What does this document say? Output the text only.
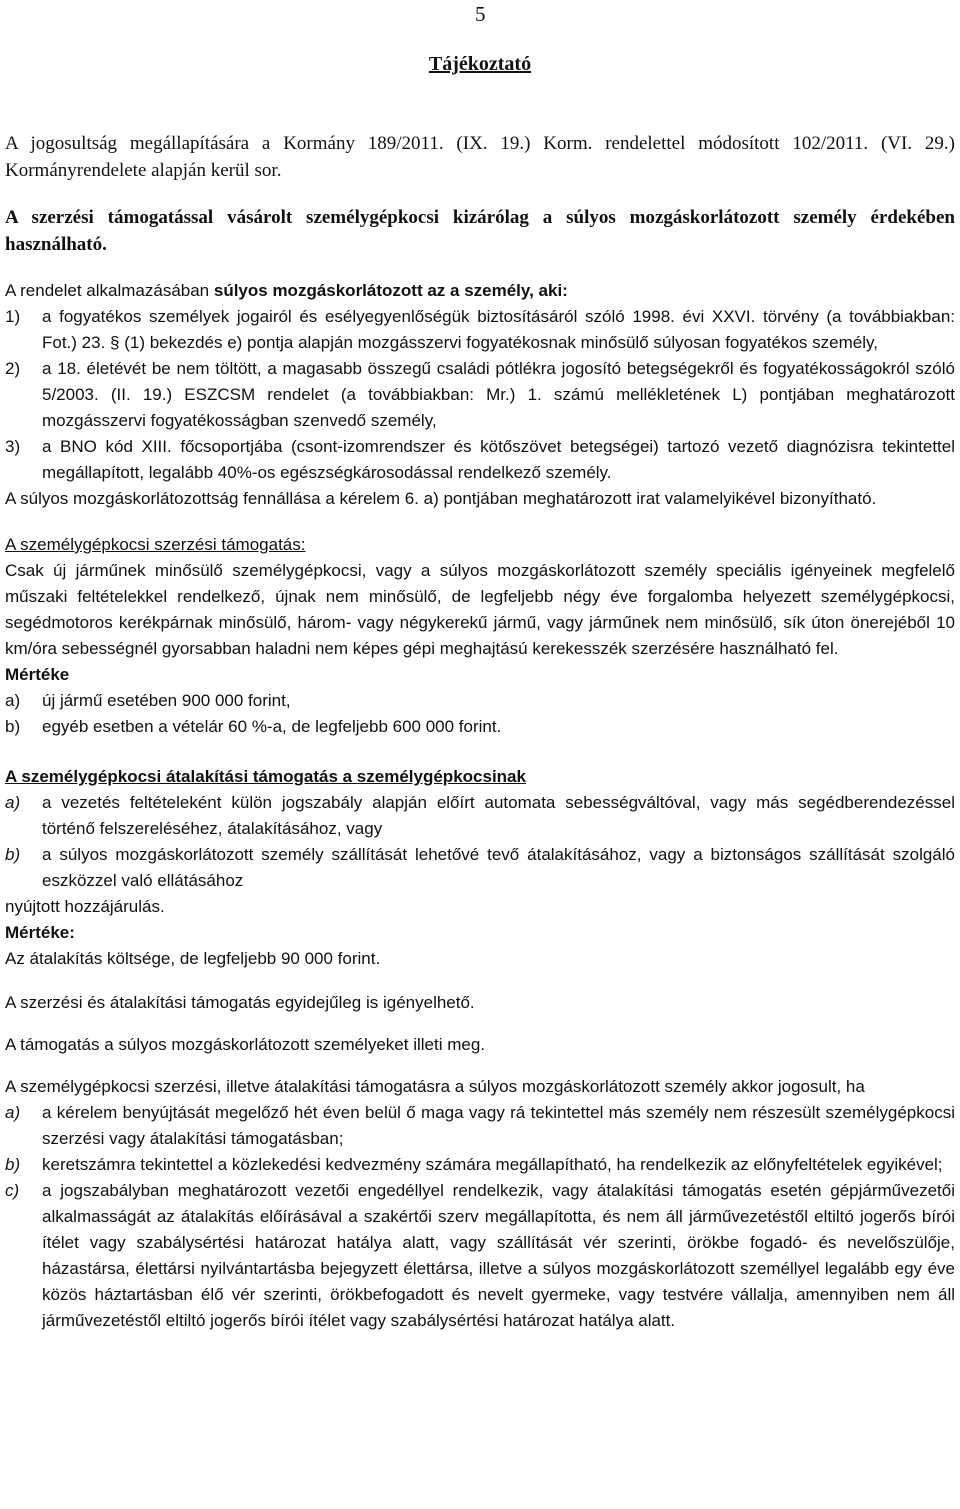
5
Tájékoztató

A jogosultság megállapítására a Kormány 189/2011. (IX. 19.) Korm. rendelettel módosított 102/2011. (VI. 29.) Kormányrendelete alapján kerül sor.

A szerzési támogatással vásárolt személygépkocsi kizárólag a súlyos mozgáskorlátozott személy érdekében használható.

A rendelet alkalmazásában súlyos mozgáskorlátozott az a személy, aki:

1)	a fogyatékos személyek jogairól és esélyegyenlőségük biztosításáról szóló 1998. évi XXVI. törvény (a továbbiakban: Fot.) 23. § (1) bekezdés e) pontja alapján mozgásszervi fogyatékosnak minősülő súlyosan fogyatékos személy,
2)	a 18. életévét be nem töltött, a magasabb összegű családi pótlékra jogosító betegségekről és fogyatékosságokról szóló 5/2003. (II. 19.) ESZCSM rendelet (a továbbiakban: Mr.) 1. számú mellékletének L) pontjában meghatározott mozgásszervi fogyatékosságban szenvedő személy,
3)	a BNO kód XIII. főcsoportjába (csont-izomrendszer és kötőszövet betegségei) tartozó vezető diagnózisra tekintettel megállapított, legalább 40%-os egészségkárosodással rendelkező személy.

A súlyos mozgáskorlátozottság fennállása a kérelem 6. a) pontjában meghatározott irat valamelyikével bizonyítható.

A személygépkocsi szerzési támogatás:

Csak új járműnek minősülő személygépkocsi, vagy a súlyos mozgáskorlátozott személy speciális igényeinek megfelelő műszaki feltételekkel rendelkező, újnak nem minősülő, de legfeljebb négy éve forgalomba helyezett személygépkocsi, segédmotoros kerékpárnak minősülő, három- vagy négykerekű jármű, vagy járműnek nem minősülő, sík úton önerejéből 10 km/óra sebességnél gyorsabban haladni nem képes gépi meghajtású kerekesszék szerzésére használható fel.

Mértéke

a)	új jármű esetében 900 000 forint,
b)	egyéb esetben a vételár 60 %-a, de legfeljebb 600 000 forint.

A személygépkocsi átalakítási támogatás a személygépkocsinak

a)	a vezetés feltételeként külön jogszabály alapján előírt automata sebességváltóval, vagy más segédberendezéssel történő felszereléséhez, átalakításához, vagy
b)	a súlyos mozgáskorlátozott személy szállítását lehetővé tevő átalakításához, vagy a biztonságos szállítását szolgáló eszközzel való ellátásához

nyújtott hozzájárulás.

Mértéke:

Az átalakítás költsége, de legfeljebb 90 000 forint.

A szerzési és átalakítási támogatás egyidejűleg is igényelhető.

A támogatás a súlyos mozgáskorlátozott személyeket illeti meg.

A személygépkocsi szerzési, illetve átalakítási támogatásra a súlyos mozgáskorlátozott személy akkor jogosult, ha

a)	a kérelem benyújtását megelőző hét éven belül ő maga vagy rá tekintettel más személy nem részesült személygépkocsi szerzési vagy átalakítási támogatásban;
b)	keretszámra tekintettel a közlekedési kedvezmény számára megállapítható, ha rendelkezik az előnyfeltételek egyikével;
c)	a jogszabályban meghatározott vezetői engedéllyel rendelkezik, vagy átalakítási támogatás esetén gépjárművezetői alkalmasságát az átalakítás előírásával a szakértői szerv megállapította, és nem áll járművezetéstől eltiltó jogerős bírói ítélet vagy szabálysértési határozat hatálya alatt, vagy szállítását vér szerinti, örökbe fogadó- és nevelőszülője, házastársa, élettársi nyilvántartásba bejegyzett élettársa, illetve a súlyos mozgáskorlátozott személlyel legalább egy éve közös háztartásban élő vér szerinti, örökbefogadott és nevelt gyermeke, vagy testvére vállalja, amennyiben nem áll járművezetéstől eltiltó jogerős bírói ítélet vagy szabálysértési határozat hatálya alatt.
